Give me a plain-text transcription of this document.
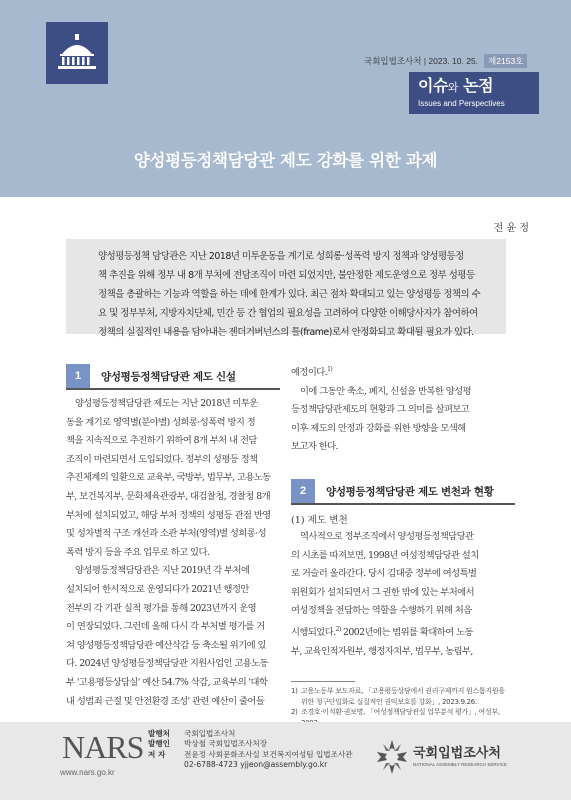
국회입법조사처 | 2023. 10. 25.	제2153호
이슈와 논점
Issues and Perspectives
양성평등정책담당관 제도 강화를 위한 과제
전 윤 정

양성평등정책 담당관은 지난 2018년 미투운동을 계기로 성희롱·성폭력 방지 정책과 양성평등정
책 추진을 위해 정부 내 8개 부처에 전담조직이 마련 되었지만, 불안정한 제도운영으로 정부 성평등
정책을 총괄하는 기능과 역할을 하는 데에 한계가 있다. 최근 점차 확대되고 있는 양성평등 정책의 수
요 및 정부부처, 지방자치단체, 민간 등 간 협업의 필요성을 고려하여 다양한 이해당사자가 참여하여
정책의 실질적인 내용을 담아내는 젠더거버넌스의 틀(frame)로서 안정화되고 확대될 필요가 있다.

1	양성평등정책담당관 제도 신설
양성평등정책담당관 제도는 지난 2018년 미투운
동을 계기로 영역별(분야별) 성희롱·성폭력 방지 정
책을 지속적으로 추진하기 위하여 8개 부처 내 전담
조직이 마련되면서 도입되었다. 정부의 성평등 정책
추진체계의 일환으로 교육부, 국방부, 법무부, 고용노동
부, 보건복지부, 문화체육관광부, 대검찰청, 경찰청 8개
부처에 설치되었고, 해당 부처 정책의 성평등 관점 반영
및 성차별적 구조 개선과 소관 부처(영역)별 성희롱·성
폭력 방지 등을 주요 업무로 하고 있다.
양성평등정책담당관은 지난 2019년 각 부처에
설치되어 한시적으로 운영되다가 2021년 행정안
전부의 각 기관 실적 평가를 통해 2023년까지 운영
이 연장되었다. 그런데 올해 다시 각 부처별 평가를 거
쳐 양성평등정책담당관 예산삭감 등 축소될 위기에 있
다. 2024년 양성평등정책담당관 지원사업인 고용노동
부 '고용평등상담실' 예산 54.7% 삭감, 교육부의 '대학
내 성범죄 근절 및 안전환경 조성' 관련 예산이 줄어들
예정이다.$^{1)}$
이에 그동안 축소, 폐지, 신설을 반복한 양성평
등정책담당관제도의 현황과 그 의미를 살펴보고
이후 제도의 안정과 강화를 위한 방향을 모색해
보고자 한다.
2	양성평등정책담당관 제도 변천과 현황
(1) 제도 변천
역사적으로 정부조직에서 양성평등정책담당관
의 시초를 따져보면, 1998년 여성정책담당관 설치
로 거슬러 올라간다. 당시 김대중 정부에 여성특별
위원회가 설치되면서 그 권한 밖에 있는 부처에서
여성정책을 전담하는 역할을 수행하기 위해 처음
시행되었다.$^{2)}$ 2002년에는 범위를 확대하여 노동
부, 교육인적자원부, 행정자치부, 법무부, 농림부,
1) 고용노동부 보도자료, 「고용평등상담에서 권리구제까지 원스톱지원을
위한 청구단일화로 실질적인 권익보호를 강화」, 2023.9.26.
2) 조경호·이석환·권보명, 「여성정책담당관실 업무분석 평가」, 여성부,
NARS
www.nars.go.kr
발행처	국회입법조사처
발행인	박상철 국회입법조사처장
저 자	전윤정 사회문화조사실 보건복지여성팀 입법조사관
02-6788-4723 yjjeon@assembly.go.kr
국회입법조사처
NATIONAL ASSEMBLY RESEARCH SERVICE
